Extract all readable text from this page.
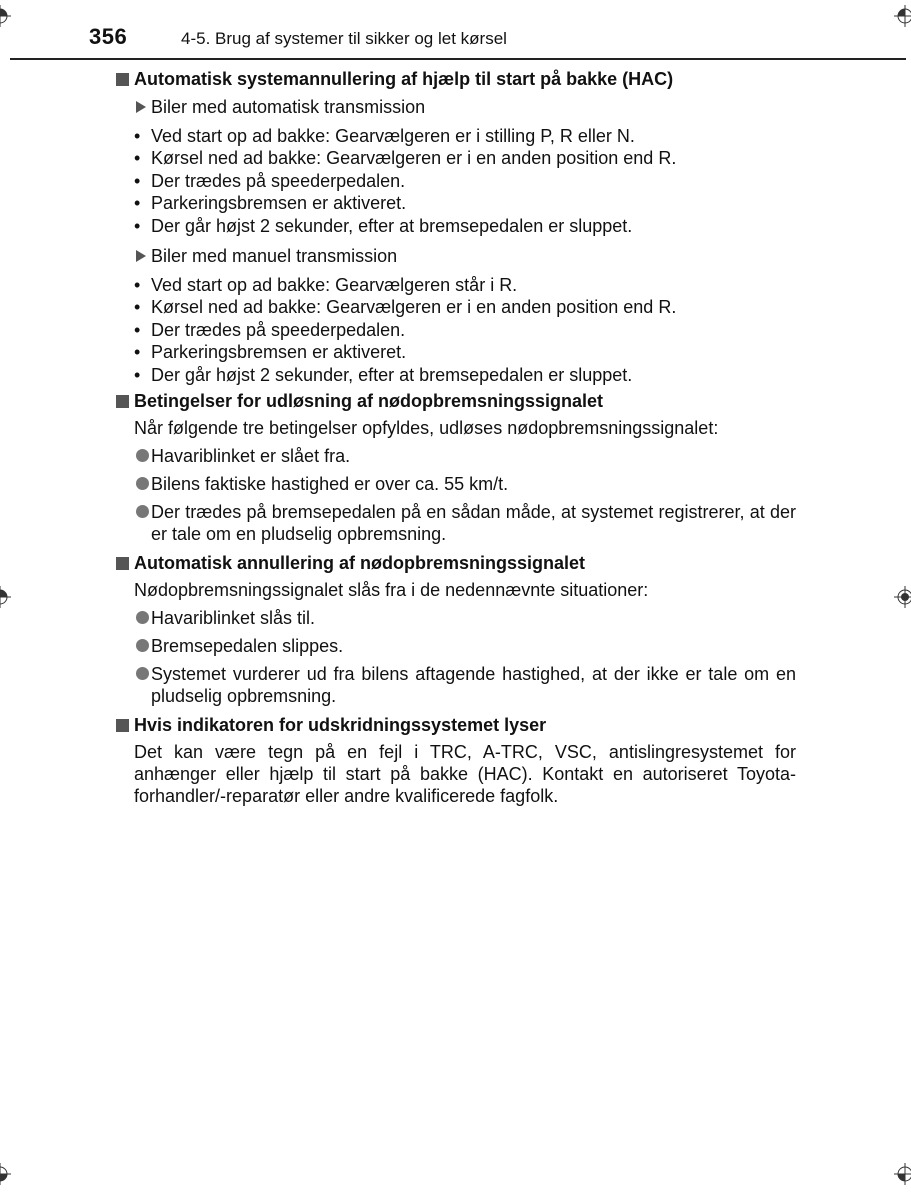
356	4-5. Brug af systemer til sikker og let kørsel
Automatisk systemannullering af hjælp til start på bakke (HAC)
Biler med automatisk transmission
• Ved start op ad bakke: Gearvælgeren er i stilling P, R eller N.
• Kørsel ned ad bakke: Gearvælgeren er i en anden position end R.
• Der trædes på speederpedalen.
• Parkeringsbremsen er aktiveret.
• Der går højst 2 sekunder, efter at bremsepedalen er sluppet.
Biler med manuel transmission
• Ved start op ad bakke: Gearvælgeren står i R.
• Kørsel ned ad bakke: Gearvælgeren er i en anden position end R.
• Der trædes på speederpedalen.
• Parkeringsbremsen er aktiveret.
• Der går højst 2 sekunder, efter at bremsepedalen er sluppet.
Betingelser for udløsning af nødopbremsningssignalet
Når følgende tre betingelser opfyldes, udløses nødopbremsningssignalet:
Havariblinket er slået fra.
Bilens faktiske hastighed er over ca. 55 km/t.
Der trædes på bremsepedalen på en sådan måde, at systemet registrerer, at der er tale om en pludselig opbremsning.
Automatisk annullering af nødopbremsningssignalet
Nødopbremsningssignalet slås fra i de nedennævnte situationer:
Havariblinket slås til.
Bremsepedalen slippes.
Systemet vurderer ud fra bilens aftagende hastighed, at der ikke er tale om en pludselig opbremsning.
Hvis indikatoren for udskridningssystemet lyser
Det kan være tegn på en fejl i TRC, A-TRC, VSC, antislingresystemet for anhænger eller hjælp til start på bakke (HAC). Kontakt en autoriseret Toyota-forhandler/-reparatør eller andre kvalificerede fagfolk.
